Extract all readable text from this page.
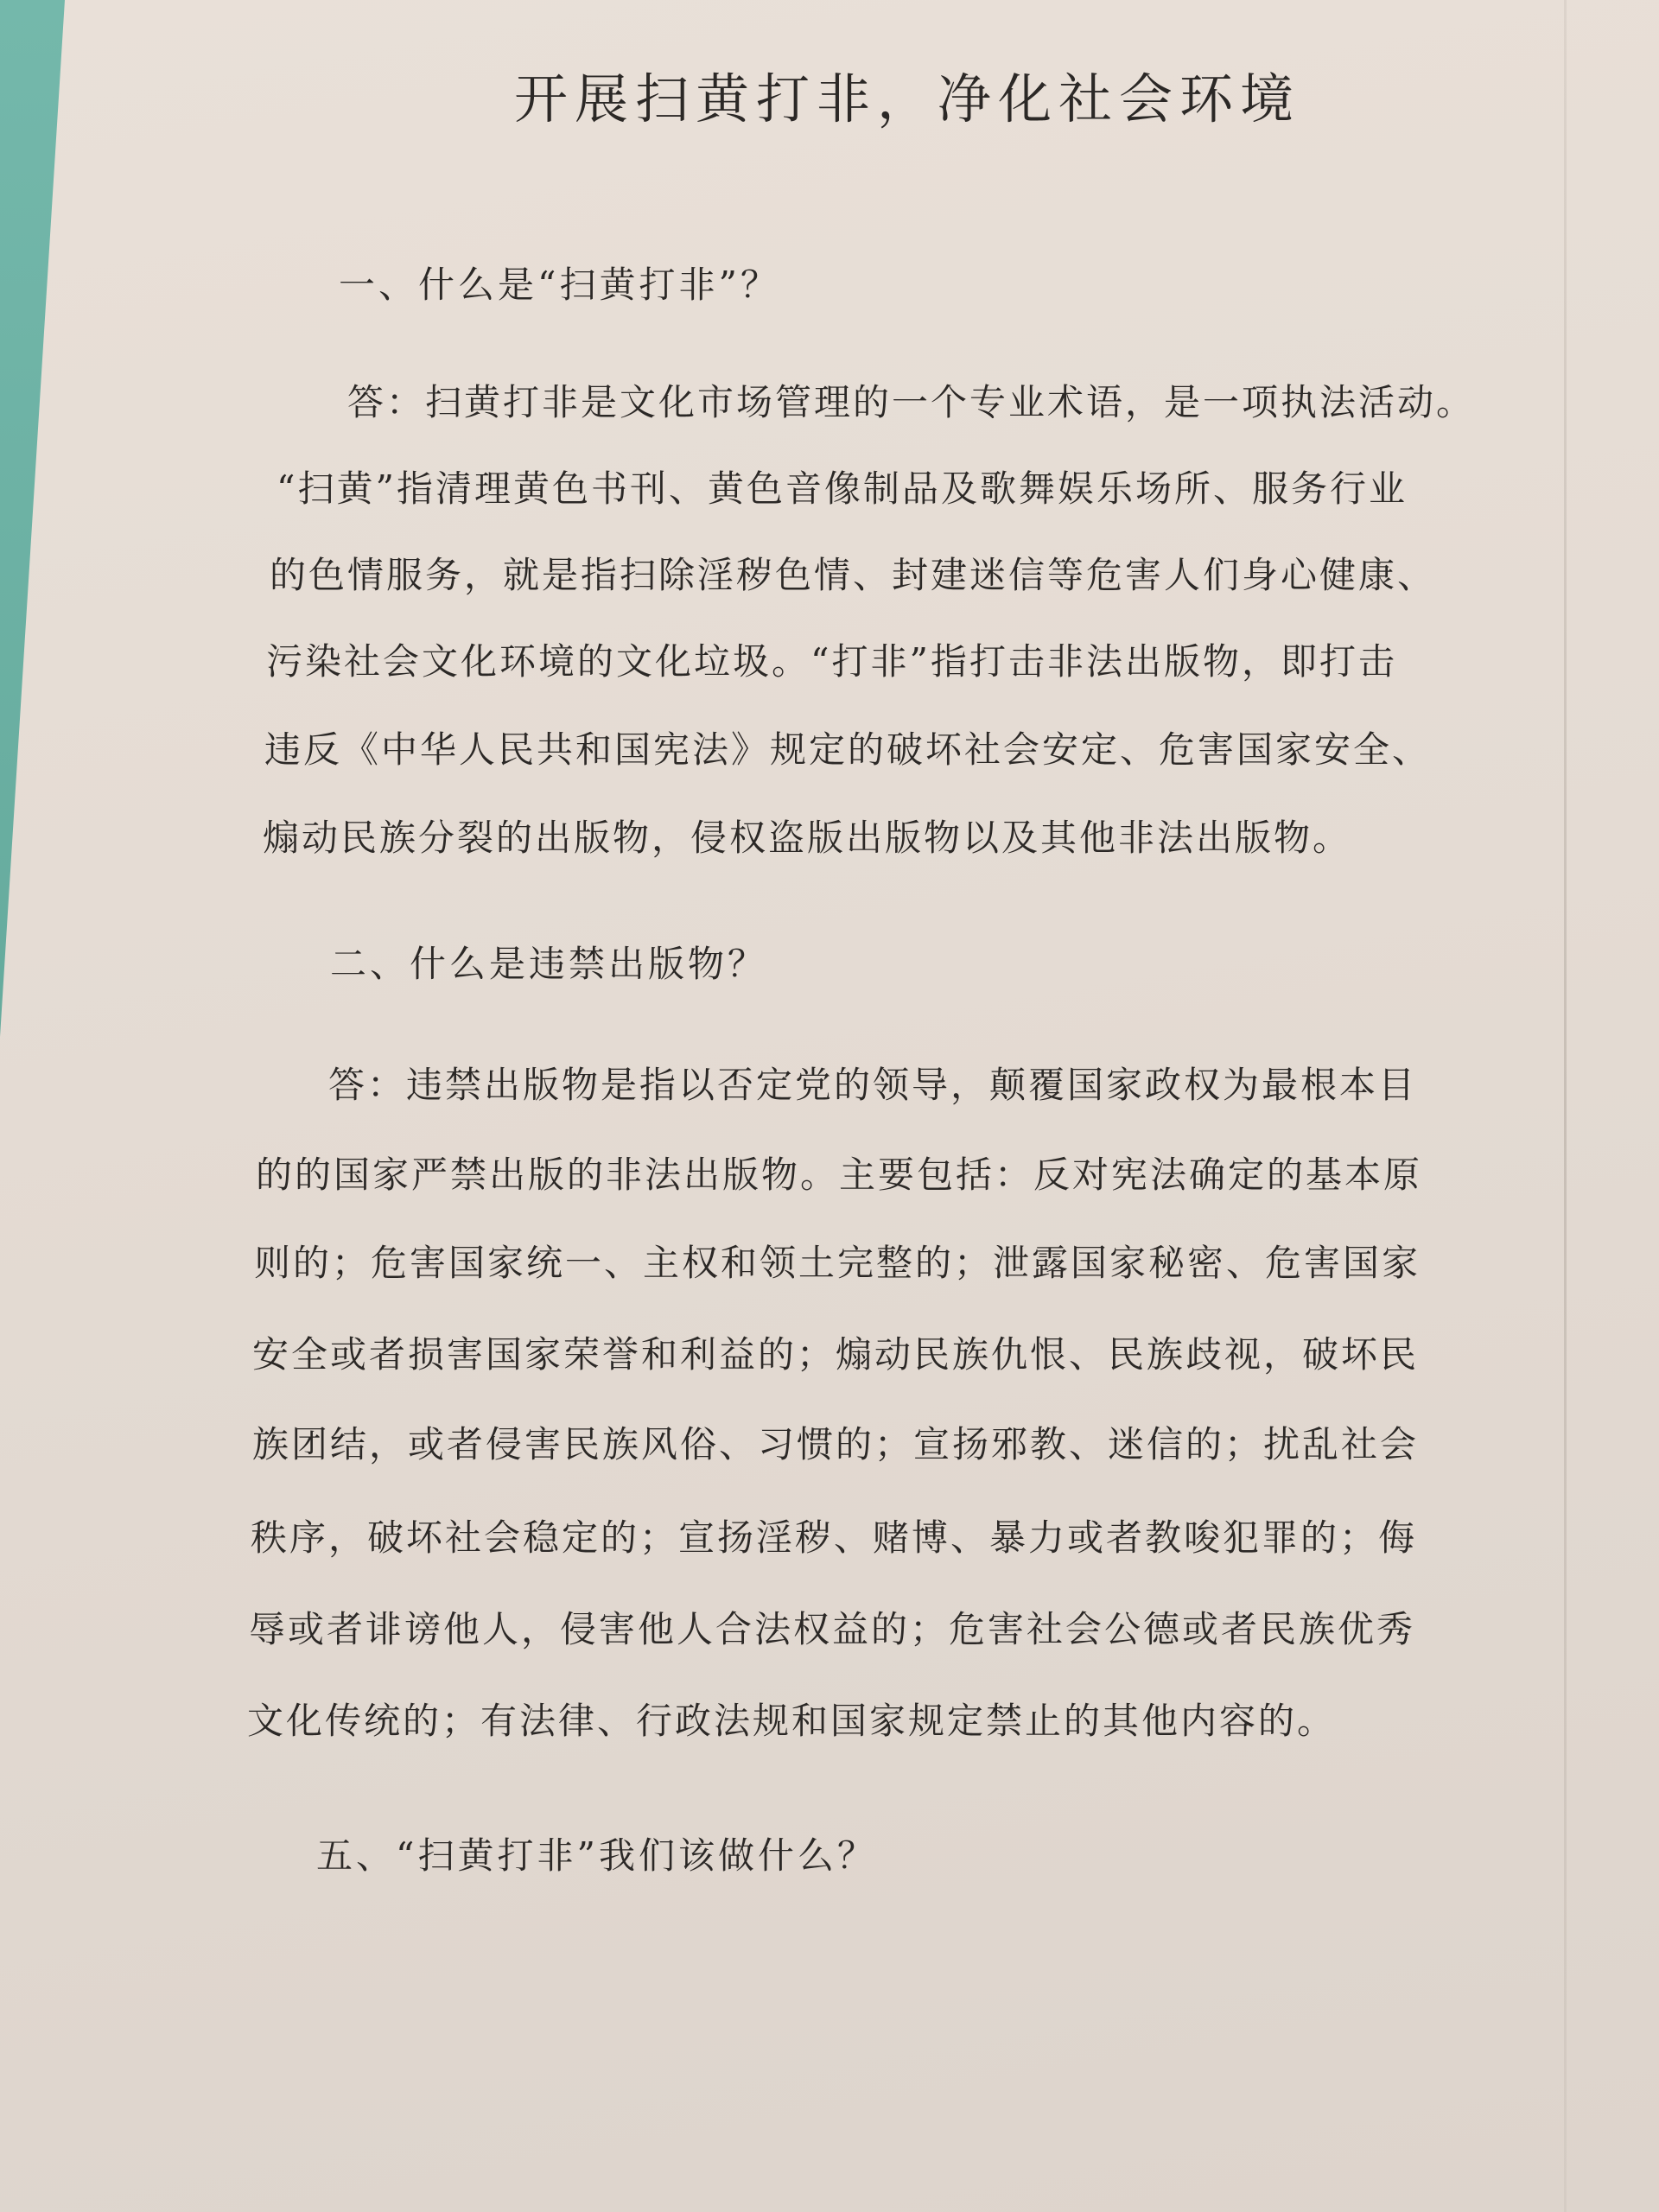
开展扫黄打非，净化社会环境
一、什么是“扫黄打非”？
答：扫黄打非是文化市场管理的一个专业术语，是一项执法活动。
“扫黄”指清理黄色书刊、黄色音像制品及歌舞娱乐场所、服务行业
的色情服务，就是指扫除淫秽色情、封建迷信等危害人们身心健康、
污染社会文化环境的文化垃圾。“打非”指打击非法出版物，即打击
违反《中华人民共和国宪法》规定的破坏社会安定、危害国家安全、
煽动民族分裂的出版物，侵权盗版出版物以及其他非法出版物。
二、什么是违禁出版物？
答：违禁出版物是指以否定党的领导，颠覆国家政权为最根本目
的的国家严禁出版的非法出版物。主要包括：反对宪法确定的基本原
则的；危害国家统一、主权和领土完整的；泄露国家秘密、危害国家
安全或者损害国家荣誉和利益的；煽动民族仇恨、民族歧视，破坏民
族团结，或者侵害民族风俗、习惯的；宣扬邪教、迷信的；扰乱社会
秩序，破坏社会稳定的；宣扬淫秽、赌博、暴力或者教唆犯罪的；侮
辱或者诽谤他人，侵害他人合法权益的；危害社会公德或者民族优秀
文化传统的；有法律、行政法规和国家规定禁止的其他内容的。
五、“扫黄打非”我们该做什么？
